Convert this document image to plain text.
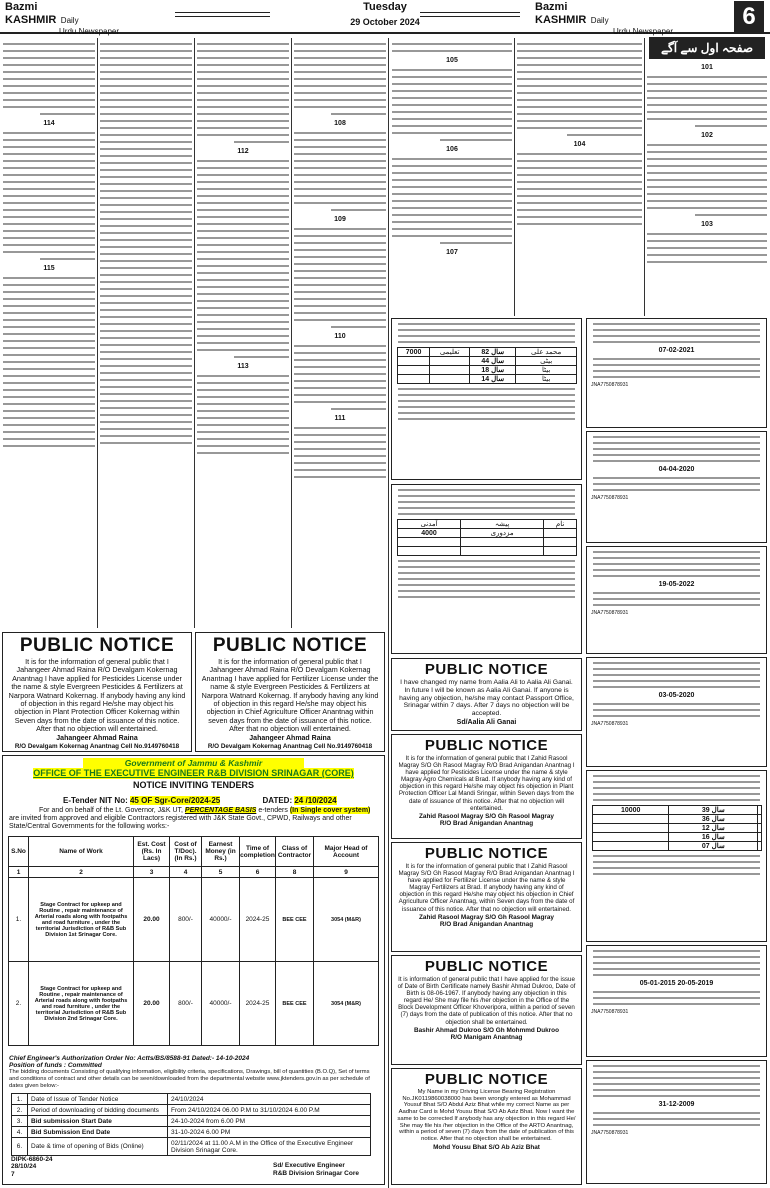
Bazmi
KASHMIR Daily
Urdu Newspaper
Tuesday
29 October 2024
Bazmi
KASHMIR Daily
Urdu Newspaper
6
صفحہ اول سے آگے
114
115
112
113
108
109
110
111
105
106
107
104
101
102
103
7000	تعلیمی	82 سال	محمد علی
		44 سال	بیٹی
		18 سال	بیٹا
		14 سال	بیٹا
آمدنی	پیشہ	نام
4000	مزدوری	

07-02-2021
JNA7750878931
04-04-2020
JNA7750878931
19-05-2022
JNA7750878931
03-05-2020
JNA7750878931
10000	39 سال	
	36 سال	
	12 سال	
	16 سال	
	07 سال	
05-01-2015 20-05-2019
JNA7750878931
31-12-2009
JNA7750878931
PUBLIC NOTICE
It is for the information of general public that I Jahangeer Ahmad Raina R/O Devalgam Kokernag Anantnag I have applied for Pesticides License under the name & style Evergreen Pesticides & Fertilizers at Narpora Watnard Kokernag. If anybody having any kind of objection in this regard He/she may object his objection in Plant Protection Officer Kokernag within Seven days from the date of issuance of this notice. After that no objection will entertained.
Jahangeer Ahmad Raina
R/O Devalgam Kokernag Anantnag Cell No.9149760418
PUBLIC NOTICE
It is for the information of general public that I Jahangeer Ahmad Raina R/O Devalgam Kokernag Anantnag I have applied for Fertilizer License under the name & style Evergreen Pesticides & Fertilizers at Narpora Watnard Kokernag. If anybody having any kind of objection in this regard He/she may object his objection in Chief Agriculture Officer Anantnag within seven days from the date of issuance of this notice. After that no objection will entertained.
Jahangeer Ahmad Raina
R/O Devalgam Kokernag Anantnag Cell No.9149760418
Government of Jammu & Kashmir
OFFICE OF THE EXECUTIVE ENGINEER R&B DIVISION SRINAGAR (CORE)
NOTICE INVITING TENDERS
E-Tender NIT No: 45 OF Sgr-Core/2024-25	DATED: 24 /10/2024
For and on behalf of the Lt. Governor, J&K UT, PERCENTAGE BASIS e-tenders (In Single cover system) are invited from approved and eligible Contractors registered with J&K State Govt., CPWD, Railways and other State/Central Governments for the following works:-
S.No	Name of Work	Est. Cost (Rs. In Lacs)	Cost of T/Doc). (In Rs.)	Earnest Money (in Rs.)	Time of completion	Class of Contractor	Major Head of Account
1	2	3	4	5	6	8	9
1.	Stage Contract for upkeep and Routine , repair maintenance of Arterial roads along with footpaths and road furniture , under the territorial Jurisdiction of R&B Sub Division 1st Srinagar Core.	20.00	800/-	40000/-	2024-25	BEE CEE	3054 (M&R)
2.	Stage Contract for upkeep and Routine , repair maintenance of Arterial roads along with footpaths and road furniture , under the territorial Jurisdiction of R&B Sub Division 2nd Srinagar Core.	20.00	800/-	40000/-	2024-25	BEE CEE	3054 (M&R)
Chief Engineer's Authorization Order No: Actts/BS/8588-91 Dated:- 14-10-2024
Position of funds : Committed
The bidding documents Consisting of qualifying information, eligibility criteria, specifications, Drawings, bill of quantities (B.O.Q), Set of terms and conditions of contract and other details can be seen/downloaded from the departmental website www.jktenders.gov.in as per schedule of dates given below:-
1.	Date of Issue of Tender Notice	24/10/2024
2.	Period of downloading of bidding documents	From 24/10/2024 06.00 P.M to 31/10/2024 6.00 P.M
3.	Bid submission Start Date	24-10-2024 from 6.00 PM
4.	Bid Submission End Date	31-10-2024 6.00 PM
6.	Date & time of opening of Bids (Online)	02/11/2024 at 11.00 A.M in the Office of the Executive Engineer Division Srinagar Core.
DIPK-6860-24
28/10/24
7
Sd/ Executive Engineer
R&B Division Srinagar Core
PUBLIC NOTICE
I have changed my name from Aalia Ali to Aalia Ali Ganai. In future I will be known as Aalia Ali Ganai. If anyone is having any objection, he/she may contact Passport Office, Srinagar within 7 days. After 7 days no objection will be accepted.
Sd/Aalia Ali Ganai
PUBLIC NOTICE
It is for the information of general public that I Zahid Rasool Magray S/O Gh Rasool Magray R/O Brad Anigandan Anantnag I have applied for Pesticides License under the name & style Magray Agro Chemicals at Brad. If anybody having any kind of objection in this regard He/she may object his objection in Plant Protection Officer Lal Mandi Sringar, within Seven days from the date of issuance of this notice. After that no objection will entertained.
Zahid Rasool Magray S/O Gh Rasool Magray
R/O Brad Anigandan Anantnag
PUBLIC NOTICE
It is for the information of general public that I Zahid Rasool Magray S/O Gh Rasool Magray R/O Brad Anigandan Anantnag I have applied for Fertilizer License under the name & style Magray Fertilizers at Brad. If anybody having any kind of objection in this regard He/she may object his objection in Chief Agriculture Officer Anantnag, within Seven days from the date of issuance of this notice. After that no objection will entertained.
Zahid Rasool Magray S/O Gh Rasool Magray
R/O Brad Anigandan Anantnag
PUBLIC NOTICE
It is information of general public that I have applied for the issue of Date of Birth Certificate namely Bashir Ahmad Dukroo, Date of Birth is 08-06-1967. If anybody having any objection in this regard He/ She may file his /her objection in the Office of the Block Development Officer Khoveripora, within a period of seven (7) days from the date of publication of this notice. After that no objection shall be entertained.
Bashir Ahmad Dukroo S/O Gh Mohmmd Dukroo
R/O Manigam Anantnag
PUBLIC NOTICE
My Name in my Driving License Bearing Registration No.JK0119860038000 has been wrongly entered as Mohammad Yousuf Bhat S/O Abdul Aziz Bhat while my correct Name as per Aadhar Card is Mohd Yousu Bhat S/O Ab Aziz Bhat. Now I want the same to be corrected If anybody has any objection in this regard He/ She may file his /her objection in the Office of the ARTO Anantnag, within a period of seven (7) days from the date of publication of this notice. After that no objection shall be entertained.
Mohd Yousu Bhat S/O Ab Aziz Bhat
